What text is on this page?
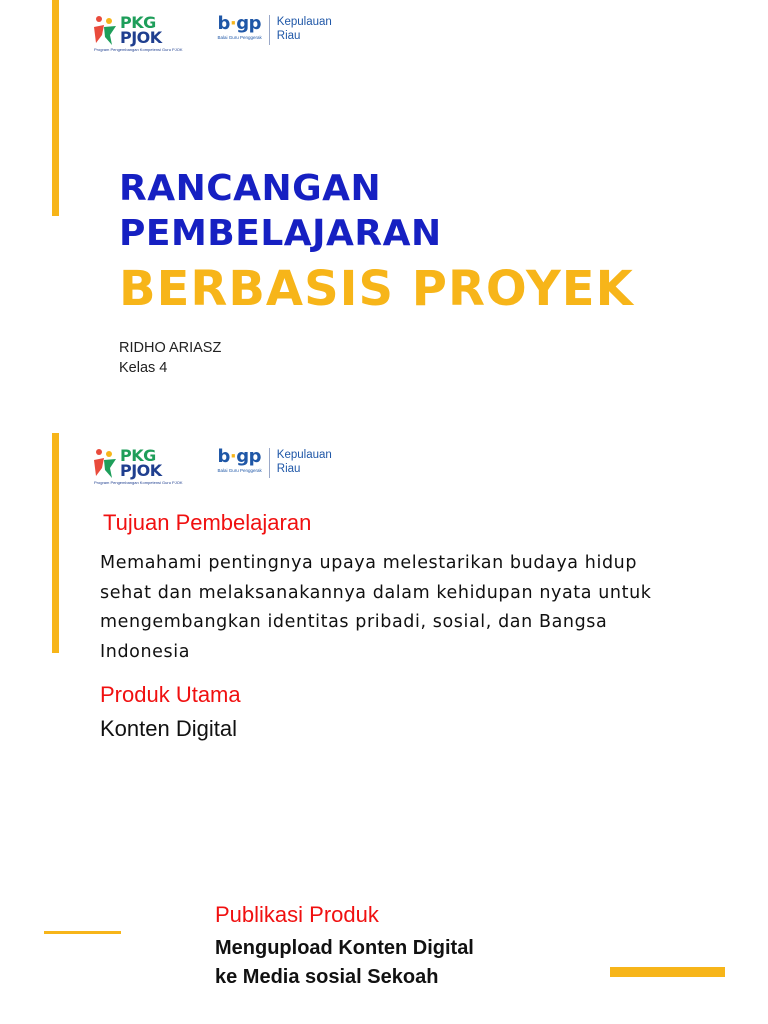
PKG
PJOK
Program Pengembangan Kompetensi Guru PJOK
b·gp
Balai Guru Penggerak
Kepulauan
Riau
RANCANGAN
PEMBELAJARAN
BERBASIS PROYEK
RIDHO ARIASZ
Kelas 4
PKG
PJOK
Program Pengembangan Kompetensi Guru PJOK
b·gp
Balai Guru Penggerak
Kepulauan
Riau
Tujuan Pembelajaran
Memahami pentingnya upaya melestarikan budaya hidup
sehat dan melaksanakannya dalam kehidupan nyata untuk
mengembangkan identitas pribadi, sosial, dan Bangsa
Indonesia
Produk Utama
Konten Digital
Publikasi Produk
Mengupload Konten Digital
ke Media sosial Sekoah
